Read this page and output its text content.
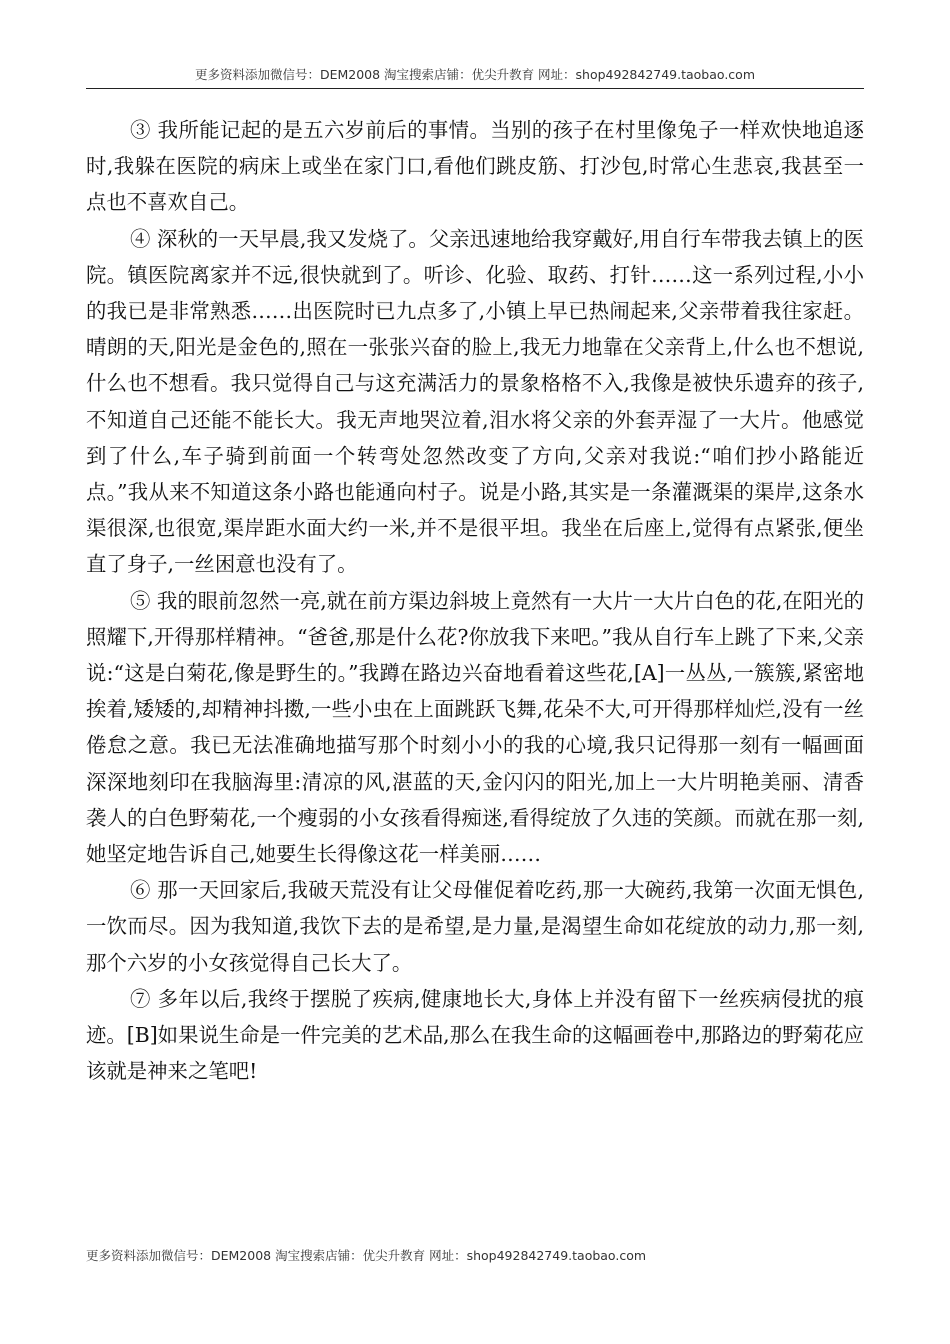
更多资料添加微信号：DEM2008 淘宝搜索店铺：优尖升教育 网址：shop492842749.taobao.com

③ 我所能记起的是五六岁前后的事情。当别的孩子在村里像兔子一样欢快地追逐时,我躲在医院的病床上或坐在家门口,看他们跳皮筋、打沙包,时常心生悲哀,我甚至一点也不喜欢自己。

④ 深秋的一天早晨,我又发烧了。父亲迅速地给我穿戴好,用自行车带我去镇上的医院。镇医院离家并不远,很快就到了。听诊、化验、取药、打针……这一系列过程,小小的我已是非常熟悉……出医院时已九点多了,小镇上早已热闹起来,父亲带着我往家赶。晴朗的天,阳光是金色的,照在一张张兴奋的脸上,我无力地靠在父亲背上,什么也不想说,什么也不想看。我只觉得自己与这充满活力的景象格格不入,我像是被快乐遗弃的孩子,不知道自己还能不能长大。我无声地哭泣着,泪水将父亲的外套弄湿了一大片。他感觉到了什么,车子骑到前面一个转弯处忽然改变了方向,父亲对我说:“咱们抄小路能近点。”我从来不知道这条小路也能通向村子。说是小路,其实是一条灌溉渠的渠岸,这条水渠很深,也很宽,渠岸距水面大约一米,并不是很平坦。我坐在后座上,觉得有点紧张,便坐直了身子,一丝困意也没有了。

⑤ 我的眼前忽然一亮,就在前方渠边斜坡上竟然有一大片一大片白色的花,在阳光的照耀下,开得那样精神。“爸爸,那是什么花?你放我下来吧。”我从自行车上跳了下来,父亲说:“这是白菊花,像是野生的。”我蹲在路边兴奋地看着这些花,[A]一丛丛,一簇簇,紧密地挨着,矮矮的,却精神抖擞,一些小虫在上面跳跃飞舞,花朵不大,可开得那样灿烂,没有一丝倦怠之意。我已无法准确地描写那个时刻小小的我的心境,我只记得那一刻有一幅画面深深地刻印在我脑海里:清凉的风,湛蓝的天,金闪闪的阳光,加上一大片明艳美丽、清香袭人的白色野菊花,一个瘦弱的小女孩看得痴迷,看得绽放了久违的笑颜。而就在那一刻,她坚定地告诉自己,她要生长得像这花一样美丽……

⑥ 那一天回家后,我破天荒没有让父母催促着吃药,那一大碗药,我第一次面无惧色,一饮而尽。因为我知道,我饮下去的是希望,是力量,是渴望生命如花绽放的动力,那一刻,那个六岁的小女孩觉得自己长大了。

⑦ 多年以后,我终于摆脱了疾病,健康地长大,身体上并没有留下一丝疾病侵扰的痕迹。[B]如果说生命是一件完美的艺术品,那么在我生命的这幅画卷中,那路边的野菊花应该就是神来之笔吧!

更多资料添加微信号：DEM2008 淘宝搜索店铺：优尖升教育 网址：shop492842749.taobao.com
